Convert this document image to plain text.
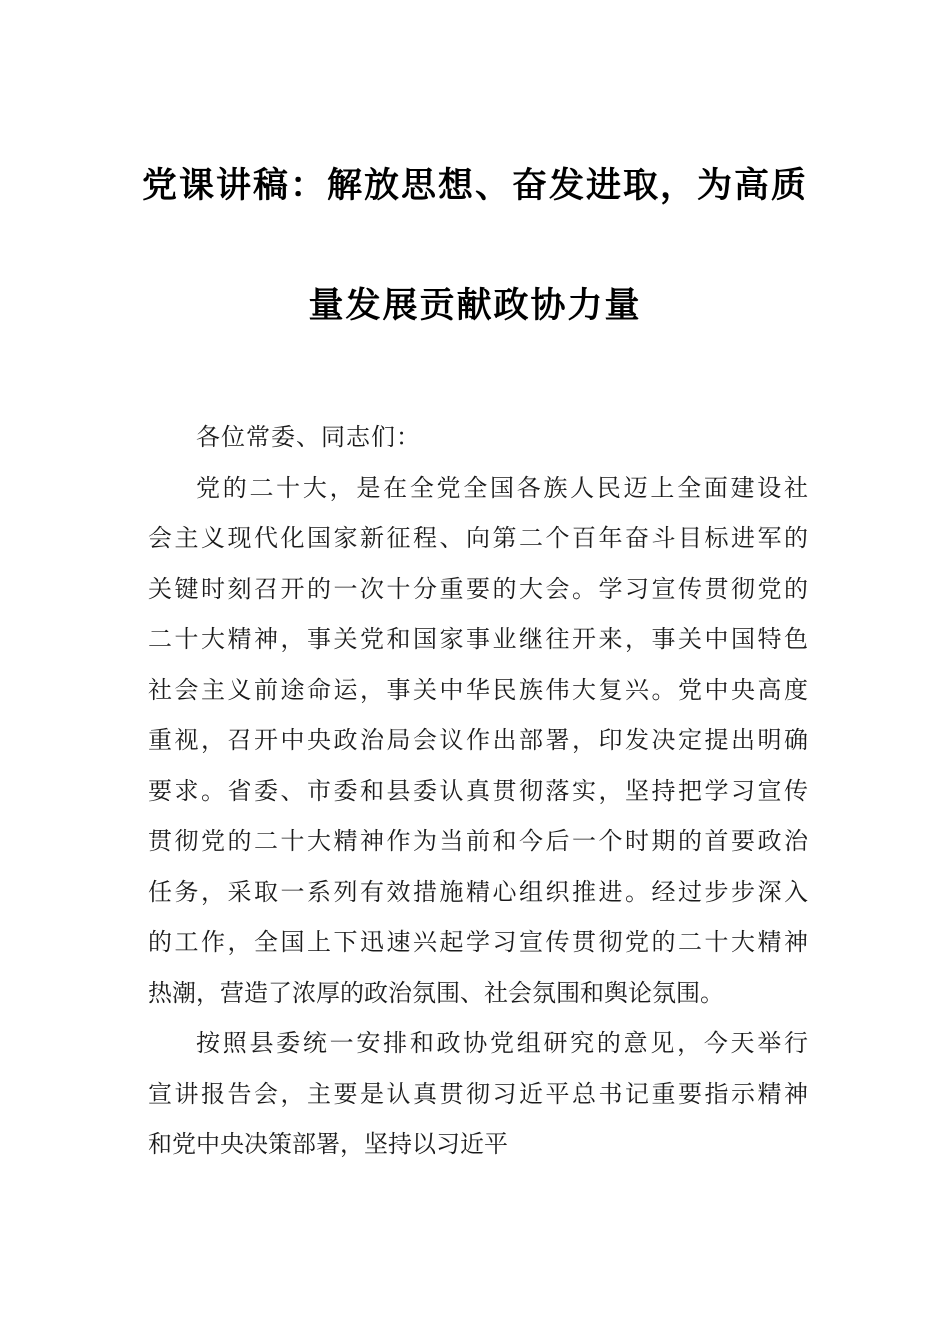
党课讲稿：解放思想、奋发进取，为高质
量发展贡献政协力量
各位常委、同志们：
党的二十大，是在全党全国各族人民迈上全面建设社
会主义现代化国家新征程、向第二个百年奋斗目标进军的
关键时刻召开的一次十分重要的大会。学习宣传贯彻党的
二十大精神，事关党和国家事业继往开来，事关中国特色
社会主义前途命运，事关中华民族伟大复兴。党中央高度
重视，召开中央政治局会议作出部署，印发决定提出明确
要求。省委、市委和县委认真贯彻落实，坚持把学习宣传
贯彻党的二十大精神作为当前和今后一个时期的首要政治
任务，采取一系列有效措施精心组织推进。经过步步深入
的工作，全国上下迅速兴起学习宣传贯彻党的二十大精神
热潮，营造了浓厚的政治氛围、社会氛围和舆论氛围。
按照县委统一安排和政协党组研究的意见，今天举行
宣讲报告会，主要是认真贯彻习近平总书记重要指示精神
和党中央决策部署，坚持以习近平
